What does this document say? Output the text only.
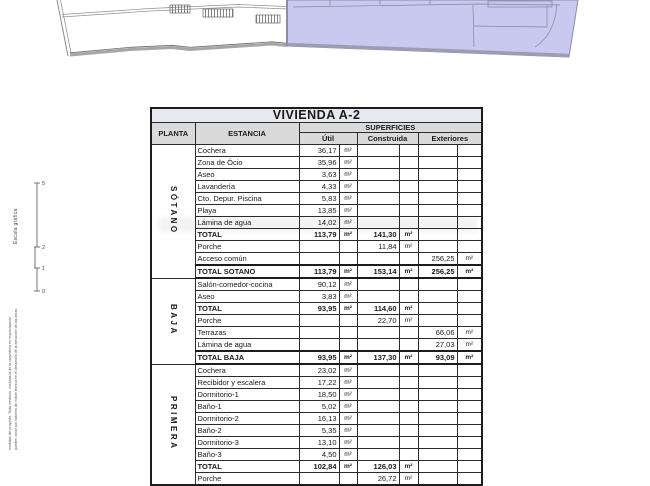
5
2
1
0
Escala gráfica
medidas del proyecto. Toda medición, excluida la de la carpintería en improvisación pueden variar por razones de índole técnica en el desarrollo de la ejecución de las obras
VIVIENDA A-2							
PLANTA	ESTANCIA	SUPERFICIES					
		Útil		Construida		Exteriores	
SÓTANO	Cochera	36,17	m²				
	Zona de Ócio	35,96	m²				
	Aseo	3,63	m²				
	Lavandería	4,33	m²				
	Cto. Depur. Piscina	5,83	m²				
	Playa	13,85	m²				
	Lámina de agua	14,02	m²				
	TOTAL	113,79	m²	141,30	m²		
	Porche			11,84	m²		
	Acceso común					256,25	m²
	TOTAL SOTANO	113,79	m²	153,14	m²	256,25	m²
BAJA	Salón-comedor-cocina	90,12	m²				
	Aseo	3,83	m²				
	TOTAL	93,95	m²	114,60	m²		
	Porche			22,70	m²		
	Terrazas					66,06	m²
	Lámina de agua					27,03	m²
	TOTAL BAJA	93,95	m²	137,30	m²	93,09	m²
PRIMERA	Cochera	23,02	m²				
	Recibidor y escalera	17,22	m²				
	Dormitorio-1	18,50	m²				
	Baño-1	5,02	m²				
	Dormitorio-2	16,13	m²				
	Baño-2	5,35	m²				
	Dormitorio-3	13,10	m²				
	Baño-3	4,50	m²				
	TOTAL	102,84	m²	126,03	m²		
	Porche			26,72	m²		
